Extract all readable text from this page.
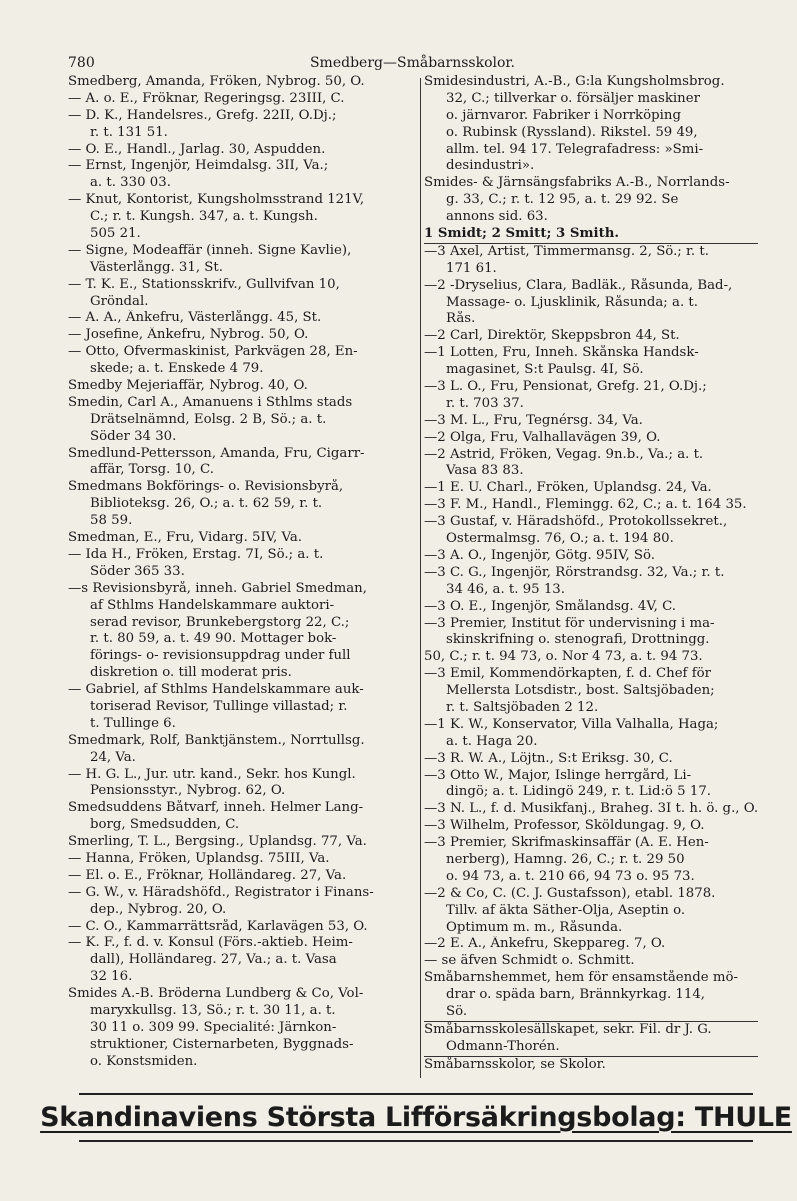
780	Smedberg—Småbarnsskolor.
Smedberg, Amanda, Fröken, Nybrog. 50, Ö.
— A. o. E., Fröknar, Regeringsg. 23III, C.
— D. K., Handelsres., Grefg. 22II, Ö.Dj.;
r. t. 131 51.
— O. E., Handl., Jarlag. 30, Aspudden.
— Ernst, Ingenjör, Heimdalsg. 3II, Va.;
a. t. 330 03.
— Knut, Kontorist, Kungsholmsstrand 121V,
C.; r. t. Kungsh. 347, a. t. Kungsh.
505 21.
— Signe, Modeaffär (inneh. Signe Kavlie),
Västerlångg. 31, St.
— T. K. E., Stationsskrifv., Gullvifvan 10,
Gröndal.
— A. A., Änkefru, Västerlångg. 45, St.
— Josefine, Änkefru, Nybrog. 50, Ö.
— Otto, Öfvermaskinist, Parkvägen 28, En-
skede; a. t. Enskede 4 79.
Smedby Mejeriaffär, Nybrog. 40, Ö.
Smedin, Carl A., Amanuens i Sthlms stads
Drätselnämnd, Eolsg. 2 B, Sö.; a. t.
Söder 34 30.
Smedlund-Pettersson, Amanda, Fru, Cigarr-
affär, Torsg. 10, C.
Smedmans Bokförings- o. Revisionsbyrå,
Biblioteksg. 26, Ö.; a. t. 62 59, r. t.
58 59.
Smedman, E., Fru, Vidarg. 5IV, Va.
— Ida H., Fröken, Erstag. 7I, Sö.; a. t.
Söder 365 33.
—s Revisionsbyrå, inneh. Gabriel Smedman,
af Sthlms Handelskammare auktori-
serad revisor, Brunkebergstorg 22, C.;
r. t. 80 59, a. t. 49 90. Mottager bok-
förings- o- revisionsuppdrag under full
diskretion o. till moderat pris.
— Gabriel, af Sthlms Handelskammare auk-
toriserad Revisor, Tullinge villastad; r.
t. Tullinge 6.
Smedmark, Rolf, Banktjänstem., Norrtullsg.
24, Va.
— H. G. L., Jur. utr. kand., Sekr. hos Kungl.
Pensionsstyr., Nybrog. 62, Ö.
Smedsuddens Båtvarf, inneh. Helmer Lang-
borg, Smedsudden, C.
Smerling, T. L., Bergsing., Uplandsg. 77, Va.
— Hanna, Fröken, Uplandsg. 75III, Va.
— El. o. E., Fröknar, Holländareg. 27, Va.
— G. W., v. Häradshöfd., Registrator i Finans-
dep., Nybrog. 20, Ö.
— C. O., Kammarrättsråd, Karlavägen 53, Ö.
— K. F., f. d. v. Konsul (Förs.-aktieb. Heim-
dall), Holländareg. 27, Va.; a. t. Vasa
32 16.
Smides A.-B. Bröderna Lundberg & Co, Vol-
maryxkullsg. 13, Sö.; r. t. 30 11, a. t.
30 11 o. 309 99. Specialité: Järnkon-
struktioner, Cisternarbeten, Byggnads-
o. Konstsmiden.
Smidesindustri, A.-B., G:la Kungsholmsbrog.
32, C.; tillverkar o. försäljer maskiner
o. järnvaror. Fabriker i Norrköping
o. Rubinsk (Ryssland). Rikstel. 59 49,
allm. tel. 94 17. Telegrafadress: »Smi-
desindustri».
Smides- & Järnsängsfabriks A.-B., Norrlands-
g. 33, C.; r. t. 12 95, a. t. 29 92. Se
annons sid. 63.
1 Smidt; 2 Smitt; 3 Smith.
—3 Axel, Artist, Timmermansg. 2, Sö.; r. t.
171 61.
—2 -Dryselius, Clara, Badläk., Råsunda, Bad-,
Massage- o. Ljusklinik, Råsunda; a. t.
Rås.
—2 Carl, Direktör, Skeppsbron 44, St.
—1 Lotten, Fru, Inneh. Skånska Handsk-
magasinet, S:t Paulsg. 4I, Sö.
—3 L. O., Fru, Pensionat, Grefg. 21, Ö.Dj.;
r. t. 703 37.
—3 M. L., Fru, Tegnérsg. 34, Va.
—2 Olga, Fru, Valhallavägen 39, Ö.
—2 Astrid, Fröken, Vegag. 9n.b., Va.; a. t.
Vasa 83 83.
—1 E. U. Charl., Fröken, Uplandsg. 24, Va.
—3 F. M., Handl., Flemingg. 62, C.; a. t. 164 35.
—3 Gustaf, v. Häradshöfd., Protokollssekret.,
Östermalmsg. 76, Ö.; a. t. 194 80.
—3 A. O., Ingenjör, Götg. 95IV, Sö.
—3 C. G., Ingenjör, Rörstrandsg. 32, Va.; r. t.
34 46, a. t. 95 13.
—3 O. E., Ingenjör, Smålandsg. 4V, C.
—3 Premier, Institut för undervisning i ma-
skinskrifning o. stenografi, Drottningg.
50, C.; r. t. 94 73, o. Nor 4 73, a. t. 94 73.
—3 Emil, Kommendörkapten, f. d. Chef för
Mellersta Lotsdistr., bost. Saltsjöbaden;
r. t. Saltsjöbaden 2 12.
—1 K. W., Konservator, Villa Valhalla, Haga;
a. t. Haga 20.
—3 R. W. A., Löjtn., S:t Eriksg. 30, C.
—3 Otto W., Major, Islinge herrgård, Li-
dingö; a. t. Lidingö 249, r. t. Lid:ö 5 17.
—3 N. L., f. d. Musikfanj., Braheg. 3I t. h. ö. g., Ö.
—3 Wilhelm, Professor, Sköldungag. 9, Ö.
—3 Premier, Skrifmaskinsaffär (A. E. Hen-
nerberg), Hamng. 26, C.; r. t. 29 50
o. 94 73, a. t. 210 66, 94 73 o. 95 73.
—2 & Co, C. (C. J. Gustafsson), etabl. 1878.
Tillv. af äkta Säther-Olja, Aseptin o.
Optimum m. m., Råsunda.
—2 E. A., Änkefru, Skeppareg. 7, Ö.
— se äfven Schmidt o. Schmitt.
Småbarnshemmet, hem för ensamstående mö-
drar o. späda barn, Brännkyrkag. 114,
Sö.
Småbarnsskolesällskapet, sekr. Fil. dr J. G.
Ödmann-Thorén.
Småbarnsskolor, se Skolor.
Skandinaviens Största Lifförsäkringsbolag: THULE
